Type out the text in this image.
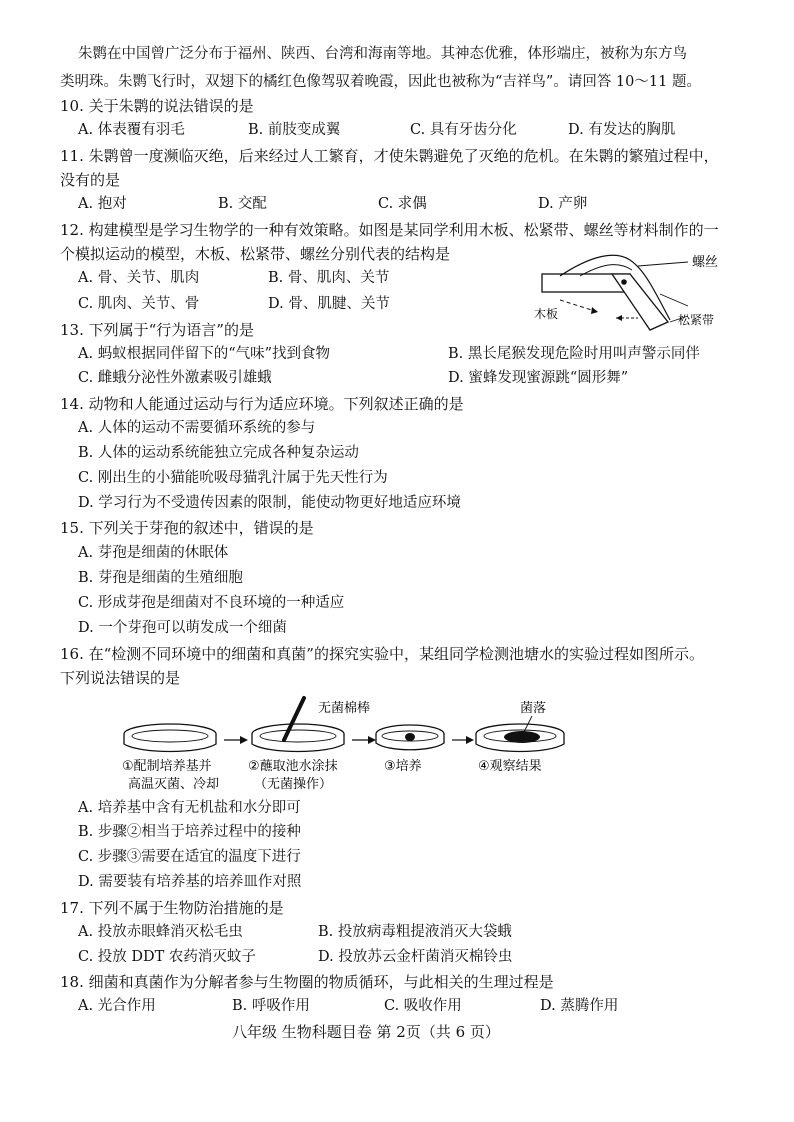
朱鹮在中国曾广泛分布于福州、陕西、台湾和海南等地。其神态优雅，体形端庄，被称为东方鸟
类明珠。朱鹮飞行时，双翅下的橘红色像驾驭着晚霞，因此也被称为“吉祥鸟”。请回答 10～11 题。
10. 关于朱鹮的说法错误的是
A. 体表覆有羽毛	B. 前肢变成翼	C. 具有牙齿分化	D. 有发达的胸肌
11. 朱鹮曾一度濒临灭绝，后来经过人工繁育，才使朱鹮避免了灭绝的危机。在朱鹮的繁殖过程中，
没有的是
A. 抱对	B. 交配	C. 求偶	D. 产卵
12. 构建模型是学习生物学的一种有效策略。如图是某同学利用木板、松紧带、螺丝等材料制作的一
个模拟运动的模型，木板、松紧带、螺丝分别代表的结构是
A. 骨、关节、肌肉	B. 骨、肌肉、关节
C. 肌肉、关节、骨	D. 骨、肌腱、关节
螺丝
木板	松紧带
13. 下列属于“行为语言”的是
A. 蚂蚁根据同伴留下的“气味”找到食物	B. 黑长尾猴发现危险时用叫声警示同伴
C. 雌蛾分泌性外激素吸引雄蛾	D. 蜜蜂发现蜜源跳“圆形舞”
14. 动物和人能通过运动与行为适应环境。下列叙述正确的是
A. 人体的运动不需要循环系统的参与
B. 人体的运动系统能独立完成各种复杂运动
C. 刚出生的小猫能吮吸母猫乳汁属于先天性行为
D. 学习行为不受遗传因素的限制，能使动物更好地适应环境
15. 下列关于芽孢的叙述中，错误的是
A. 芽孢是细菌的休眠体
B. 芽孢是细菌的生殖细胞
C. 形成芽孢是细菌对不良环境的一种适应
D. 一个芽孢可以萌发成一个细菌
16. 在“检测不同环境中的细菌和真菌”的探究实验中，某组同学检测池塘水的实验过程如图所示。
下列说法错误的是
无菌棉棒	菌落
①配制培养基并
高温灭菌、冷却
②蘸取池水涂抹
（无菌操作）
③培养	④观察结果
A. 培养基中含有无机盐和水分即可
B. 步骤②相当于培养过程中的接种
C. 步骤③需要在适宜的温度下进行
D. 需要装有培养基的培养皿作对照
17. 下列不属于生物防治措施的是
A. 投放赤眼蜂消灭松毛虫	B. 投放病毒粗提液消灭大袋蛾
C. 投放 DDT 农药消灭蚊子	D. 投放苏云金杆菌消灭棉铃虫
18. 细菌和真菌作为分解者参与生物圈的物质循环，与此相关的生理过程是
A. 光合作用	B. 呼吸作用	C. 吸收作用	D. 蒸腾作用
八年级 生物科题目卷 第 2页（共 6 页）
